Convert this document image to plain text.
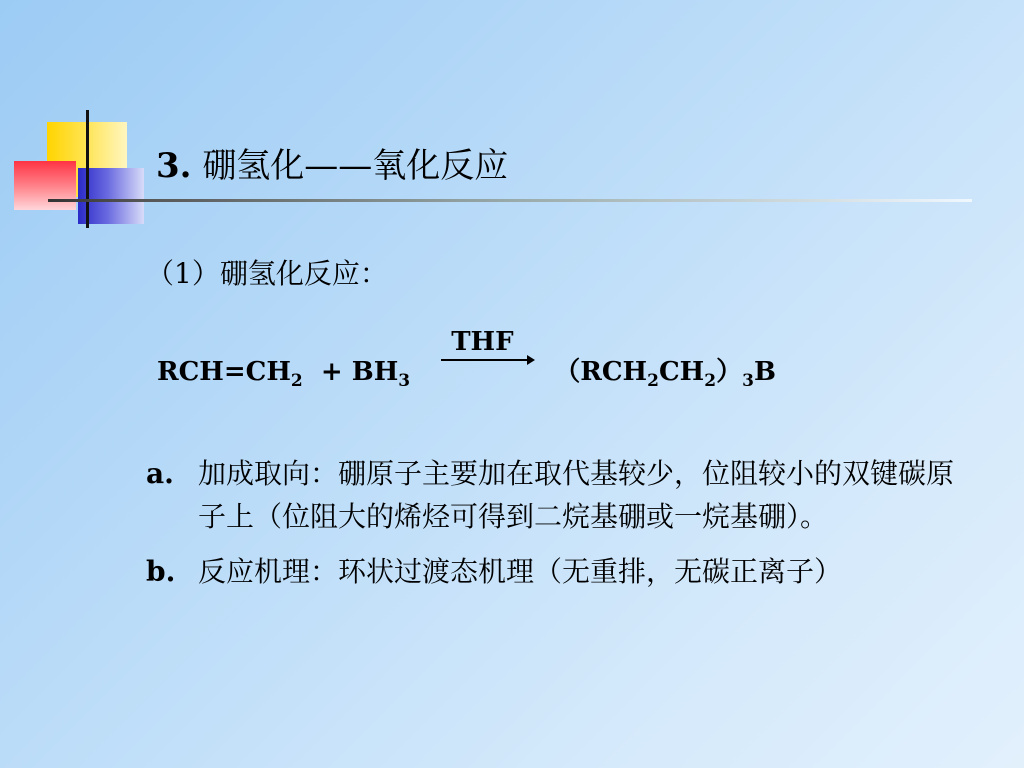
3. 硼氢化——氧化反应
（1）硼氢化反应：
$RCH=CH_2 + BH_3$
THF
$(RCH_2CH_2)_3B$
a. 加成取向：硼原子主要加在取代基较少，位阻较小的双键碳原子上（位阻大的烯烃可得到二烷基硼或一烷基硼）。
b. 反应机理：环状过渡态机理（无重排，无碳正离子）
